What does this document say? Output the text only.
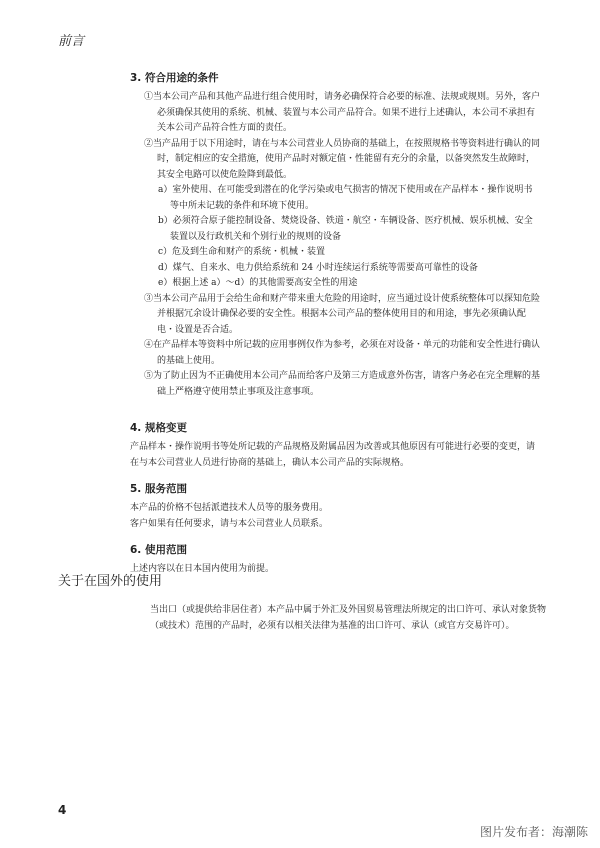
前言
3. 符合用途的条件
①当本公司产品和其他产品进行组合使用时，请务必确保符合必要的标准、法规或规则。另外，客户必须确保其使用的系统、机械、装置与本公司产品符合。如果不进行上述确认，本公司不承担有关本公司产品符合性方面的责任。
②当产品用于以下用途时，请在与本公司营业人员协商的基础上，在按照规格书等资料进行确认的同时，制定相应的安全措施，使用产品时对额定值・性能留有充分的余量，以备突然发生故障时，其安全电路可以使危险降到最低。
a）室外使用、在可能受到潜在的化学污染或电气损害的情况下使用或在产品样本・操作说明书等中所未记载的条件和环境下使用。
b）必须符合原子能控制设备、焚烧设备、铁道・航空・车辆设备、医疗机械、娱乐机械、安全装置以及行政机关和个别行业的规则的设备
c）危及到生命和财产的系统・机械・装置
d）煤气、自来水、电力供给系统和 24 小时连续运行系统等需要高可靠性的设备
e）根据上述 a）～d）的其他需要高安全性的用途
③当本公司产品用于会给生命和财产带来重大危险的用途时，应当通过设计使系统整体可以探知危险并根据冗余设计确保必要的安全性。根据本公司产品的整体使用目的和用途，事先必须确认配电・设置是否合适。
④在产品样本等资料中所记载的应用事例仅作为参考，必须在对设备・单元的功能和安全性进行确认的基础上使用。
⑤为了防止因为不正确使用本公司产品而给客户及第三方造成意外伤害，请客户务必在完全理解的基础上严格遵守使用禁止事项及注意事项。
4. 规格变更
产品样本・操作说明书等处所记载的产品规格及附属品因为改善或其他原因有可能进行必要的变更，请在与本公司营业人员进行协商的基础上，确认本公司产品的实际规格。
5. 服务范围
本产品的价格不包括派遣技术人员等的服务费用。
客户如果有任何要求，请与本公司营业人员联系。
6. 使用范围
上述内容以在日本国内使用为前提。
关于在国外的使用
当出口（或提供给非居住者）本产品中属于外汇及外国贸易管理法所规定的出口许可、承认对象货物（或技术）范围的产品时，必须有以相关法律为基准的出口许可、承认（或官方交易许可）。
4
图片发布者：海潮陈
